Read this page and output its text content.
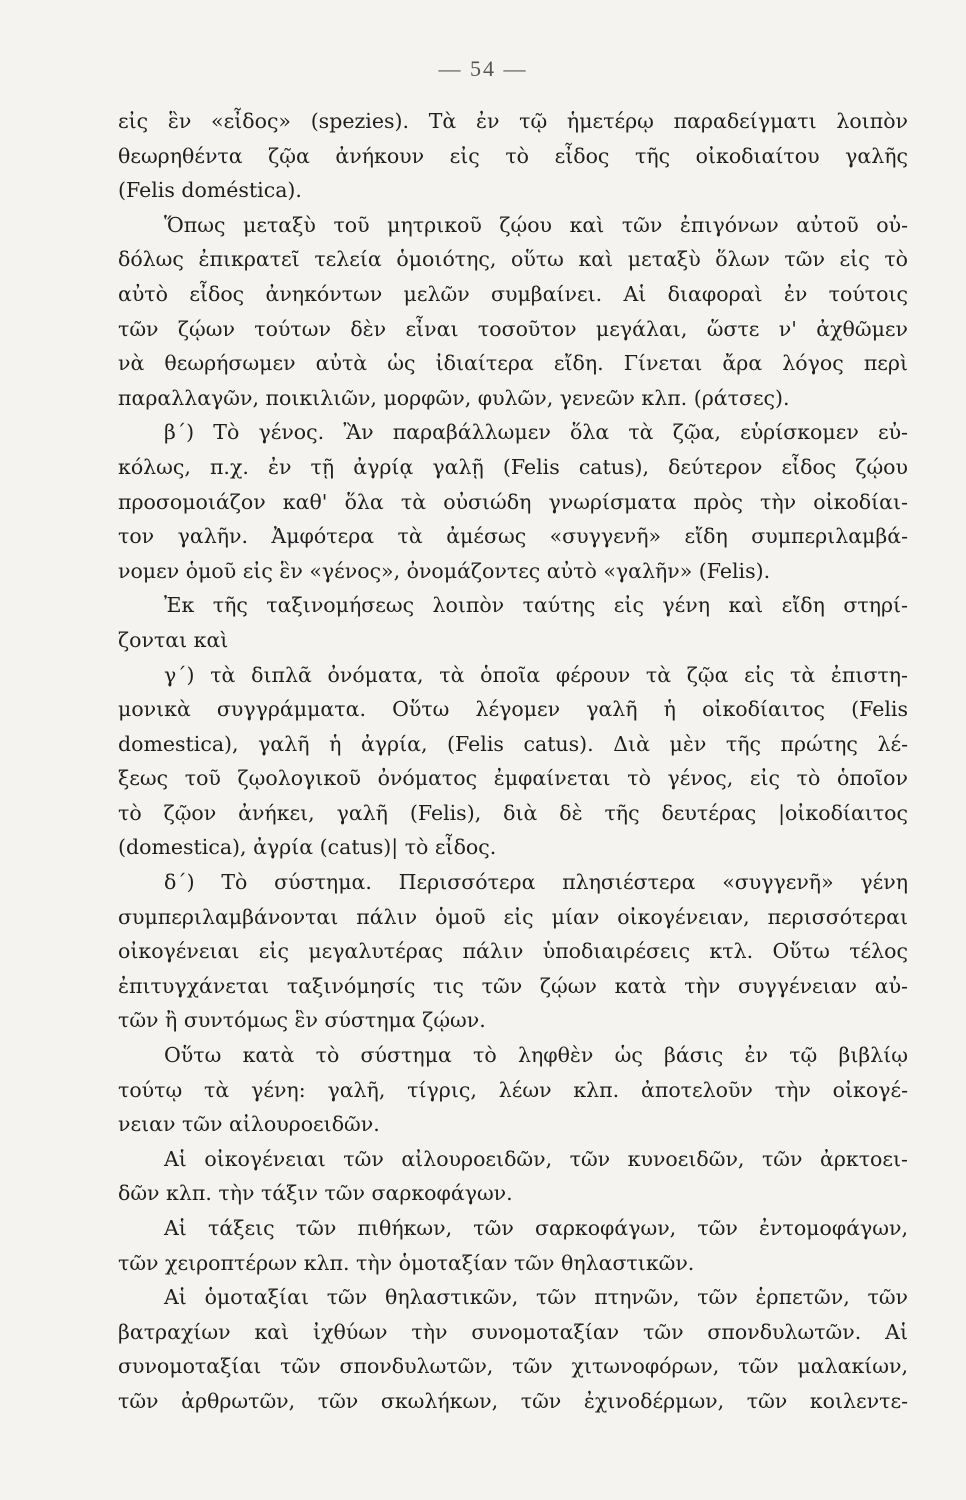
— 54 —
εἰς ἓν «εἶδος» (spezies). Τὰ ἐν τῷ ἡμετέρῳ παραδείγματι λοιπὸν
θεωρηθέντα ζῷα ἀνήκουν εἰς τὸ εἶδος τῆς οἰκοδιαίτου γαλῆς
(Felis doméstica).
Ὅπως μεταξὺ τοῦ μητρικοῦ ζῴου καὶ τῶν ἐπιγόνων αὐτοῦ οὐ-
δόλως ἐπικρατεῖ τελεία ὁμοιότης, οὕτω καὶ μεταξὺ ὅλων τῶν εἰς τὸ
αὐτὸ εἶδος ἀνηκόντων μελῶν συμβαίνει. Αἱ διαφοραὶ ἐν τούτοις
τῶν ζῴων τούτων δὲν εἶναι τοσοῦτον μεγάλαι, ὥστε ν' ἀχθῶμεν
νὰ θεωρήσωμεν αὐτὰ ὡς ἰδιαίτερα εἴδη. Γίνεται ἄρα λόγος περὶ
παραλλαγῶν, ποικιλιῶν, μορφῶν, φυλῶν, γενεῶν κλπ. (ράτσες).
β΄) Τὸ γένος. Ἂν παραβάλλωμεν ὅλα τὰ ζῷα, εὑρίσκομεν εὐ-
κόλως, π.χ. ἐν τῇ ἀγρίᾳ γαλῇ (Felis catus), δεύτερον εἶδος ζῴου
προσομοιάζον καθ' ὅλα τὰ οὐσιώδη γνωρίσματα πρὸς τὴν οἰκοδίαι-
τον γαλῆν. Ἀμφότερα τὰ ἀμέσως «συγγενῆ» εἴδη συμπεριλαμβά-
νομεν ὁμοῦ εἰς ἓν «γένος», ὀνομάζοντες αὐτὸ «γαλῆν» (Felis).
Ἐκ τῆς ταξινομήσεως λοιπὸν ταύτης εἰς γένη καὶ εἴδη στηρί-
ζονται καὶ
γ΄) τὰ διπλᾶ ὀνόματα, τὰ ὁποῖα φέρουν τὰ ζῷα εἰς τὰ ἐπιστη-
μονικὰ συγγράμματα. Οὕτω λέγομεν γαλῆ ἡ οἰκοδίαιτος (Felis
domestica), γαλῆ ἡ ἀγρία, (Felis catus). Διὰ μὲν τῆς πρώτης λέ-
ξεως τοῦ ζῳολογικοῦ ὀνόματος ἐμφαίνεται τὸ γένος, εἰς τὸ ὁποῖον
τὸ ζῷον ἀνήκει, γαλῆ (Felis), διὰ δὲ τῆς δευτέρας |οἰκοδίαιτος
(domestica), ἀγρία (catus)| τὸ εἶδος.
δ΄) Τὸ σύστημα. Περισσότερα πλησιέστερα «συγγενῆ» γένη
συμπεριλαμβάνονται πάλιν ὁμοῦ εἰς μίαν οἰκογένειαν, περισσότεραι
οἰκογένειαι εἰς μεγαλυτέρας πάλιν ὑποδιαιρέσεις κτλ. Οὕτω τέλος
ἐπιτυγχάνεται ταξινόμησίς τις τῶν ζῴων κατὰ τὴν συγγένειαν αὐ-
τῶν ἢ συντόμως ἓν σύστημα ζῴων.
Οὕτω κατὰ τὸ σύστημα τὸ ληφθὲν ὡς βάσις ἐν τῷ βιβλίῳ
τούτῳ τὰ γένη: γαλῆ, τίγρις, λέων κλπ. ἀποτελοῦν τὴν οἰκογέ-
νειαν τῶν αἰλουροειδῶν.
Αἱ οἰκογένειαι τῶν αἰλουροειδῶν, τῶν κυνοειδῶν, τῶν ἀρκτοει-
δῶν κλπ. τὴν τάξιν τῶν σαρκοφάγων.
Αἱ τάξεις τῶν πιθήκων, τῶν σαρκοφάγων, τῶν ἐντομοφάγων,
τῶν χειροπτέρων κλπ. τὴν ὁμοταξίαν τῶν θηλαστικῶν.
Αἱ ὁμοταξίαι τῶν θηλαστικῶν, τῶν πτηνῶν, τῶν ἑρπετῶν, τῶν
βατραχίων καὶ ἰχθύων τὴν συνομοταξίαν τῶν σπονδυλωτῶν. Αἱ
συνομοταξίαι τῶν σπονδυλωτῶν, τῶν χιτωνοφόρων, τῶν μαλακίων,
τῶν ἀρθρωτῶν, τῶν σκωλήκων, τῶν ἐχινοδέρμων, τῶν κοιλεντε-
